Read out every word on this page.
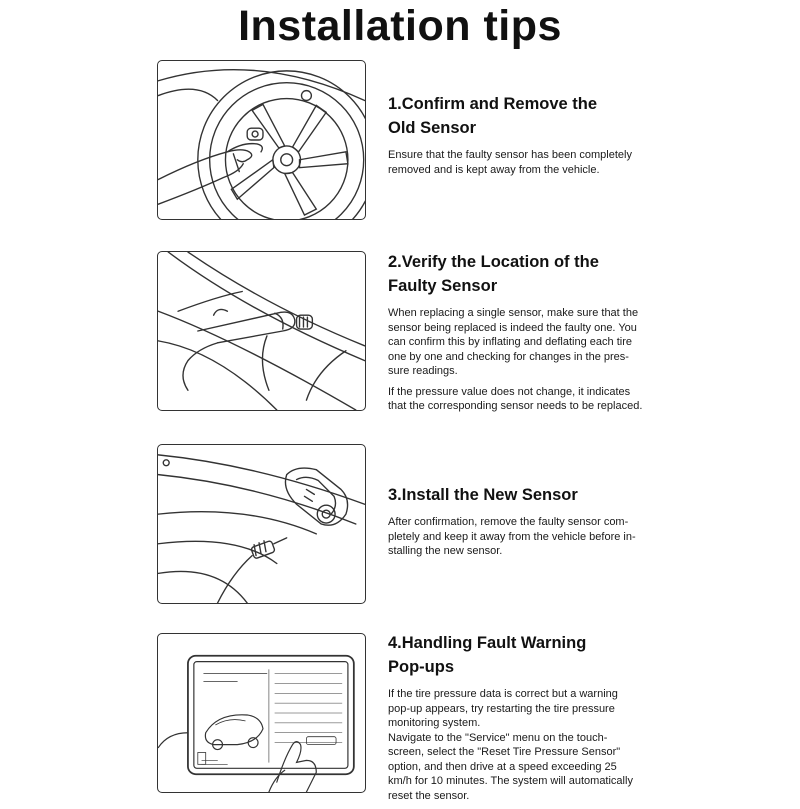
Installation tips
1.Confirm and Remove the
Old Sensor
Ensure that the faulty sensor has been completely
removed and is kept away from the vehicle.
2.Verify the Location of the
Faulty Sensor
When replacing a single sensor, make sure that the
sensor being replaced is indeed the faulty one. You
can confirm this by inflating and deflating each tire
one by one and checking for changes in the pres-
sure readings.
If the pressure value does not change, it indicates
that the corresponding sensor needs to be replaced.
3.Install the New Sensor
After confirmation, remove the faulty sensor com-
pletely and keep it away from the vehicle before in-
stalling the new sensor.
4.Handling Fault Warning
Pop-ups
If the tire pressure data is correct but a warning
pop-up appears, try restarting the tire pressure
monitoring system.
Navigate to the "Service" menu on the touch-
screen, select the "Reset Tire Pressure Sensor"
option, and then drive at a speed exceeding 25
km/h for 10 minutes. The system will automatically
reset the sensor.
